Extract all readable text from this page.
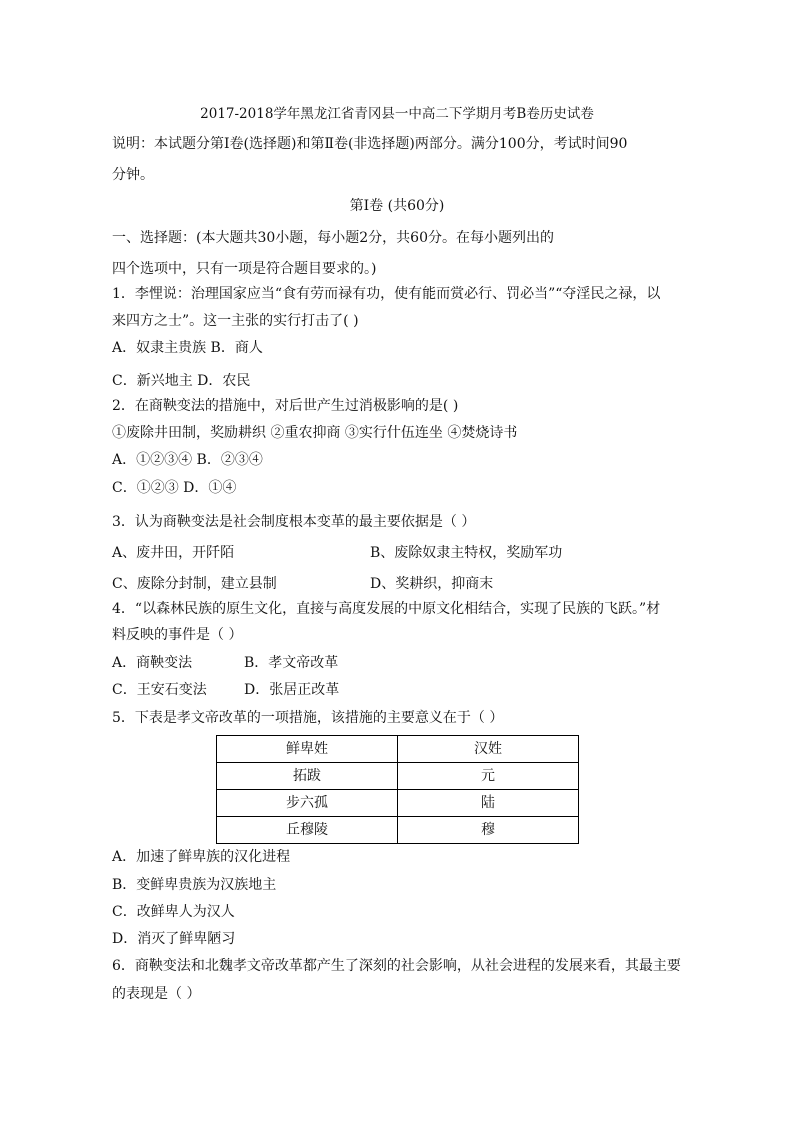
2017-2018学年黑龙江省青冈县一中高二下学期月考B卷历史试卷
说明：本试题分第Ⅰ卷(选择题)和第Ⅱ卷(非选择题)两部分。满分100分，考试时间90
分钟。
第Ⅰ卷 (共60分)
一、选择题：(本大题共30小题，每小题2分，共60分。在每小题列出的
四个选项中，只有一项是符合题目要求的。)
1．李悝说：治理国家应当“食有劳而禄有功，使有能而赏必行、罚必当”“夺淫民之禄，以
来四方之士”。这一主张的实行打击了( )
A．奴隶主贵族 B．商人
C．新兴地主 D．农民
2．在商鞅变法的措施中，对后世产生过消极影响的是( )
①废除井田制，奖励耕织 ②重农抑商 ③实行什伍连坐 ④焚烧诗书
A．①②③④ B．②③④
C．①②③ D．①④
3．认为商鞅变法是社会制度根本变革的最主要依据是（ ）
A、废井田，开阡陌	B、废除奴隶主特权，奖励军功
C、废除分封制，建立县制	D、奖耕织，抑商末
4．“以森林民族的原生文化，直接与高度发展的中原文化相结合，实现了民族的飞跃。”材
料反映的事件是（ ）
A．商鞅变法	B．孝文帝改革
C．王安石变法	D．张居正改革
5．下表是孝文帝改革的一项措施，该措施的主要意义在于（ ）
鲜卑姓	汉姓
拓跋	元
步六孤	陆
丘穆陵	穆
A．加速了鲜卑族的汉化进程
B．变鲜卑贵族为汉族地主
C．改鲜卑人为汉人
D．消灭了鲜卑陋习
6．商鞅变法和北魏孝文帝改革都产生了深刻的社会影响，从社会进程的发展来看，其最主要
的表现是（ ）
